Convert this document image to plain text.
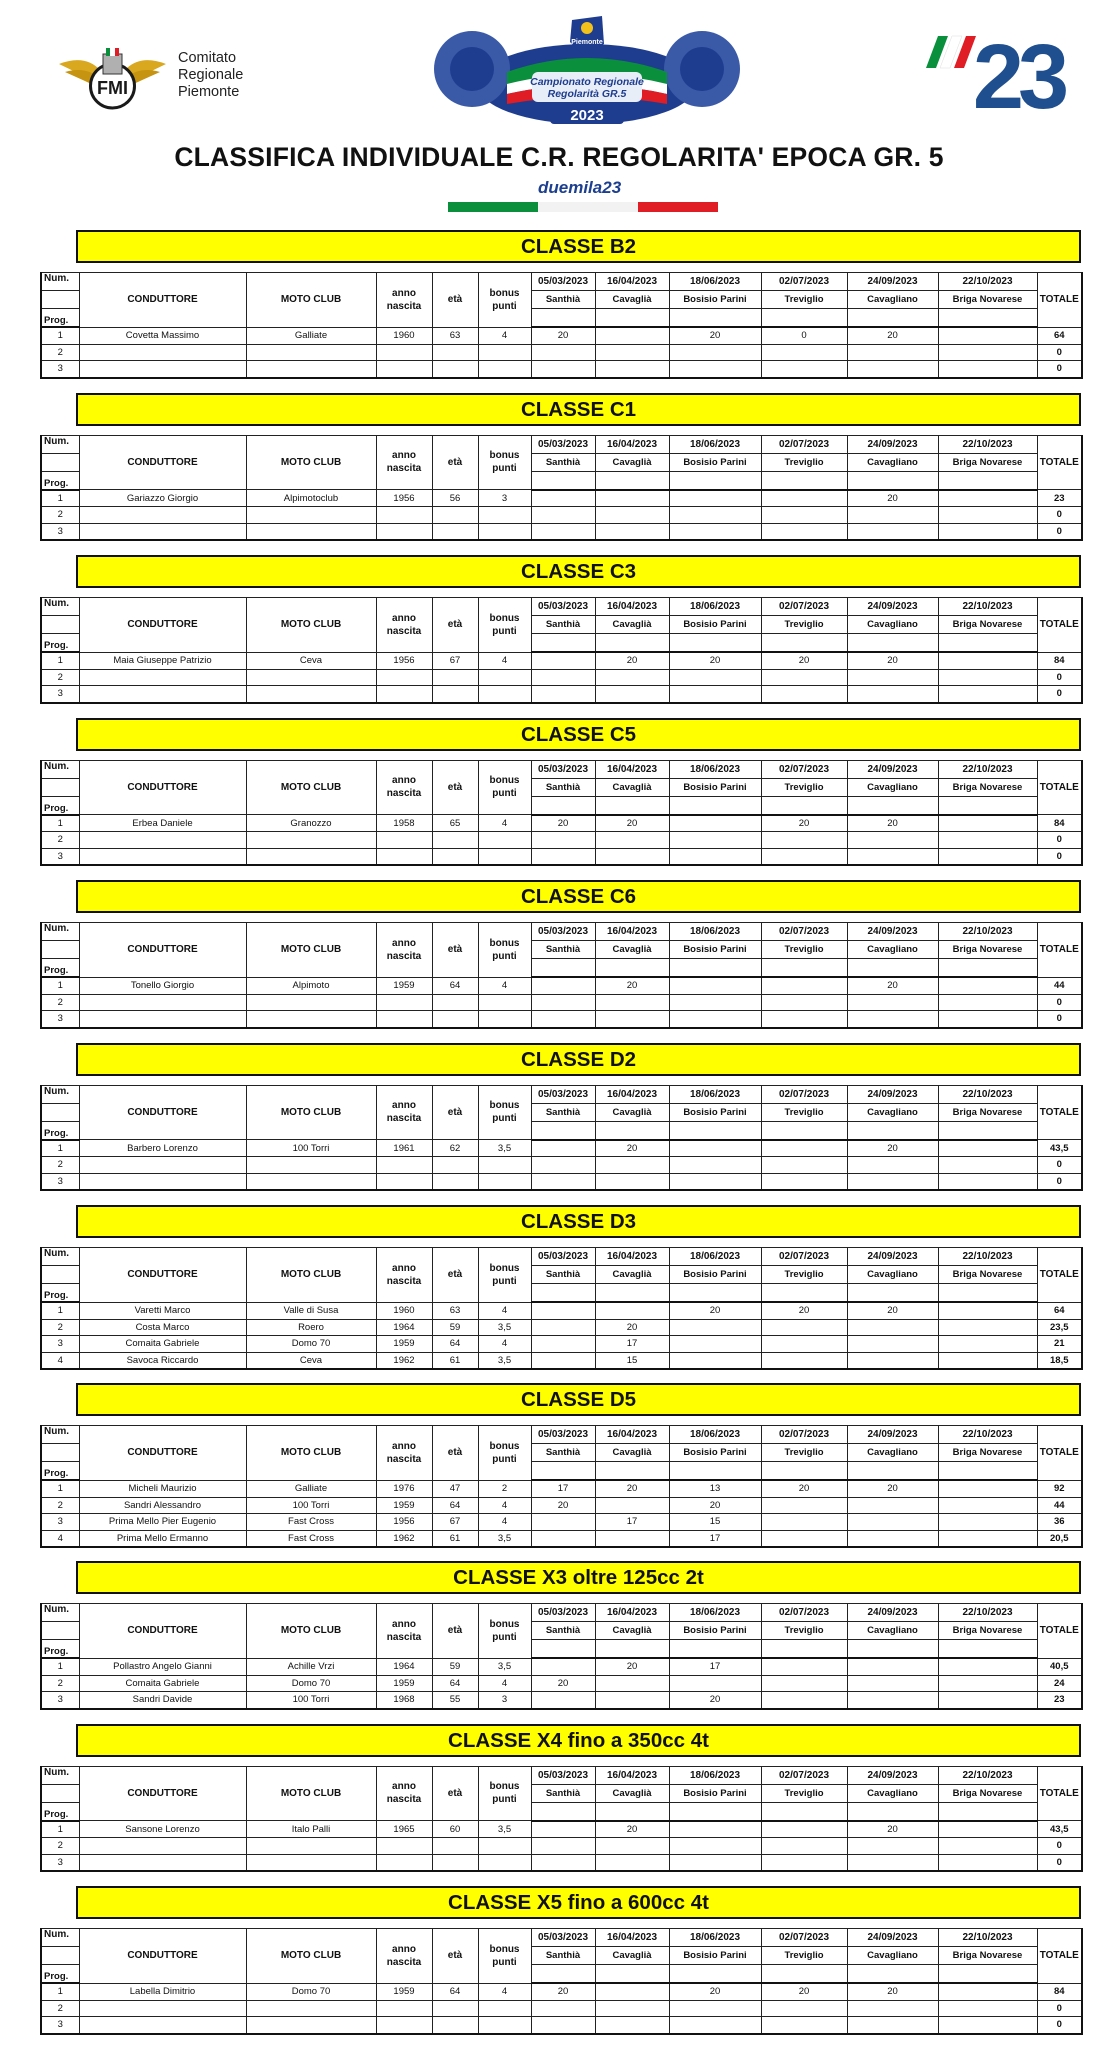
FMI
Comitato
Regionale
Piemonte
Campionato Regionale
Regolarità GR.5
2023
Piemonte	23
CLASSIFICA INDIVIDUALE C.R. REGOLARITA' EPOCA GR. 5
duemila23
CLASSE B2
Num.	CONDUTTORE	MOTO CLUB	anno nascita	età	bonus punti	05/03/2023	16/04/2023	18/06/2023	02/07/2023	24/09/2023	22/10/2023	TOTALE
						Santhià	Cavaglià	Bosisio Parini	Treviglio	Cavagliano	Briga Novarese	
Prog.												
1	Covetta Massimo	Galliate	1960	63	4	20		20	0	20		64
2												0
3												0
CLASSE C1
Num.	CONDUTTORE	MOTO CLUB	anno nascita	età	bonus punti	05/03/2023	16/04/2023	18/06/2023	02/07/2023	24/09/2023	22/10/2023	TOTALE
						Santhià	Cavaglià	Bosisio Parini	Treviglio	Cavagliano	Briga Novarese	
Prog.												
1	Gariazzo Giorgio	Alpimotoclub	1956	56	3					20		23
2												0
3												0
CLASSE C3
Num.	CONDUTTORE	MOTO CLUB	anno nascita	età	bonus punti	05/03/2023	16/04/2023	18/06/2023	02/07/2023	24/09/2023	22/10/2023	TOTALE
						Santhià	Cavaglià	Bosisio Parini	Treviglio	Cavagliano	Briga Novarese	
Prog.												
1	Maia Giuseppe Patrizio	Ceva	1956	67	4		20	20	20	20		84
2												0
3												0
CLASSE C5
Num.	CONDUTTORE	MOTO CLUB	anno nascita	età	bonus punti	05/03/2023	16/04/2023	18/06/2023	02/07/2023	24/09/2023	22/10/2023	TOTALE
						Santhià	Cavaglià	Bosisio Parini	Treviglio	Cavagliano	Briga Novarese	
Prog.												
1	Erbea Daniele	Granozzo	1958	65	4	20	20		20	20		84
2												0
3												0
CLASSE C6
Num.	CONDUTTORE	MOTO CLUB	anno nascita	età	bonus punti	05/03/2023	16/04/2023	18/06/2023	02/07/2023	24/09/2023	22/10/2023	TOTALE
						Santhià	Cavaglià	Bosisio Parini	Treviglio	Cavagliano	Briga Novarese	
Prog.												
1	Tonello Giorgio	Alpimoto	1959	64	4		20			20		44
2												0
3												0
CLASSE D2
Num.	CONDUTTORE	MOTO CLUB	anno nascita	età	bonus punti	05/03/2023	16/04/2023	18/06/2023	02/07/2023	24/09/2023	22/10/2023	TOTALE
						Santhià	Cavaglià	Bosisio Parini	Treviglio	Cavagliano	Briga Novarese	
Prog.												
1	Barbero Lorenzo	100 Torri	1961	62	3,5		20			20		43,5
2												0
3												0
CLASSE D3
Num.	CONDUTTORE	MOTO CLUB	anno nascita	età	bonus punti	05/03/2023	16/04/2023	18/06/2023	02/07/2023	24/09/2023	22/10/2023	TOTALE
						Santhià	Cavaglià	Bosisio Parini	Treviglio	Cavagliano	Briga Novarese	
Prog.												
1	Varetti Marco	Valle di Susa	1960	63	4			20	20	20		64
2	Costa Marco	Roero	1964	59	3,5		20					23,5
3	Comaita Gabriele	Domo 70	1959	64	4		17					21
4	Savoca Riccardo	Ceva	1962	61	3,5		15					18,5
CLASSE D5
Num.	CONDUTTORE	MOTO CLUB	anno nascita	età	bonus punti	05/03/2023	16/04/2023	18/06/2023	02/07/2023	24/09/2023	22/10/2023	TOTALE
						Santhià	Cavaglià	Bosisio Parini	Treviglio	Cavagliano	Briga Novarese	
Prog.												
1	Micheli Maurizio	Galliate	1976	47	2	17	20	13	20	20		92
2	Sandri Alessandro	100 Torri	1959	64	4	20		20				44
3	Prima Mello Pier Eugenio	Fast Cross	1956	67	4		17	15				36
4	Prima Mello Ermanno	Fast Cross	1962	61	3,5			17				20,5
CLASSE X3 oltre 125cc 2t
Num.	CONDUTTORE	MOTO CLUB	anno nascita	età	bonus punti	05/03/2023	16/04/2023	18/06/2023	02/07/2023	24/09/2023	22/10/2023	TOTALE
						Santhià	Cavaglià	Bosisio Parini	Treviglio	Cavagliano	Briga Novarese	
Prog.												
1	Pollastro Angelo Gianni	Achille Vrzi	1964	59	3,5		20	17				40,5
2	Comaita Gabriele	Domo 70	1959	64	4	20						24
3	Sandri Davide	100 Torri	1968	55	3			20				23
CLASSE X4 fino a 350cc 4t
Num.	CONDUTTORE	MOTO CLUB	anno nascita	età	bonus punti	05/03/2023	16/04/2023	18/06/2023	02/07/2023	24/09/2023	22/10/2023	TOTALE
						Santhià	Cavaglià	Bosisio Parini	Treviglio	Cavagliano	Briga Novarese	
Prog.												
1	Sansone Lorenzo	Italo Palli	1965	60	3,5		20			20		43,5
2												0
3												0
CLASSE X5 fino a 600cc 4t
Num.	CONDUTTORE	MOTO CLUB	anno nascita	età	bonus punti	05/03/2023	16/04/2023	18/06/2023	02/07/2023	24/09/2023	22/10/2023	TOTALE
						Santhià	Cavaglià	Bosisio Parini	Treviglio	Cavagliano	Briga Novarese	
Prog.												
1	Labella Dimitrio	Domo 70	1959	64	4	20		20	20	20		84
2												0
3												0
